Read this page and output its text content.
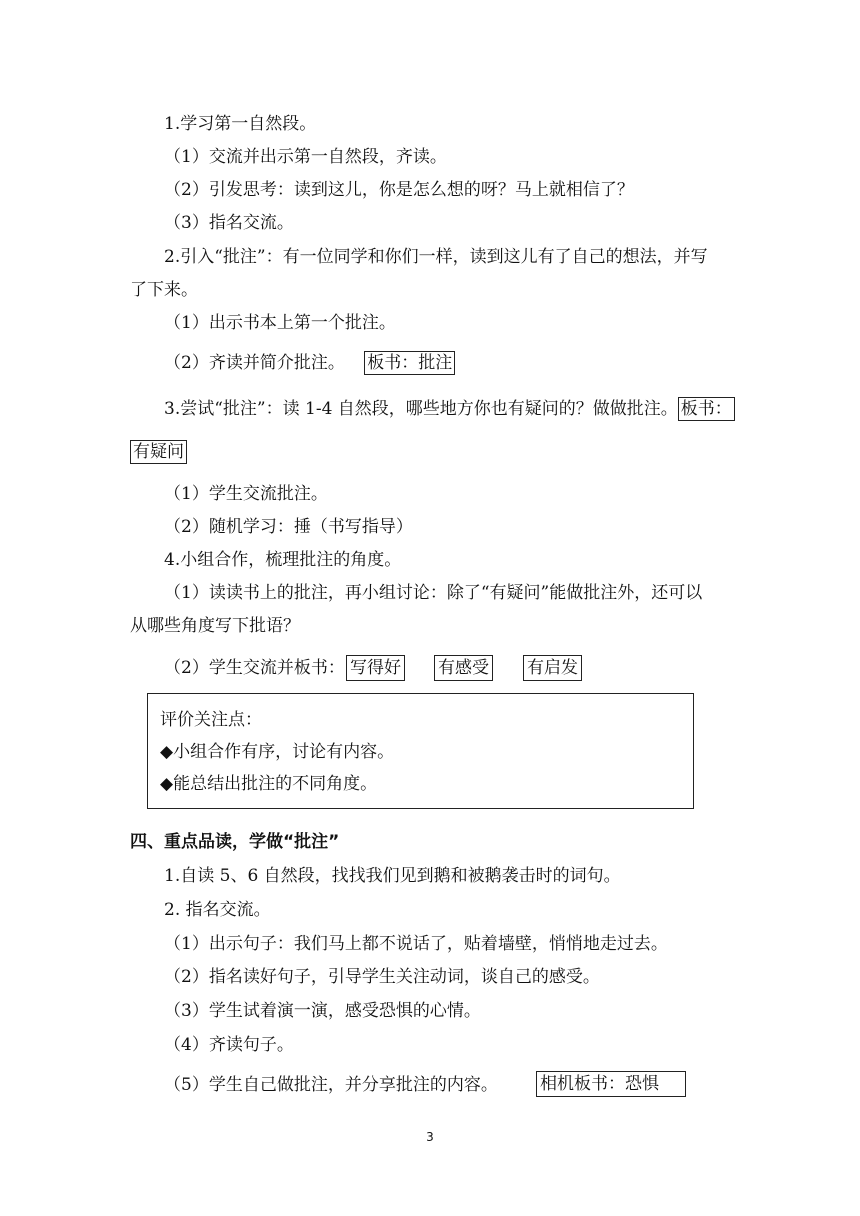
1.学习第一自然段。
（1）交流并出示第一自然段，齐读。
（2）引发思考：读到这儿，你是怎么想的呀？马上就相信了？
（3）指名交流。
2.引入“批注”：有一位同学和你们一样，读到这儿有了自己的想法，并写
了下来。
（1）出示书本上第一个批注。
（2）齐读并简介批注。 板书：批注
3.尝试“批注”：读 1-4 自然段，哪些地方你也有疑问的？做做批注。 板书：
有疑问
（1）学生交流批注。
（2）随机学习：捶（书写指导）
4.小组合作，梳理批注的角度。
（1）读读书上的批注，再小组讨论：除了“有疑问”能做批注外，还可以
从哪些角度写下批语？
（2）学生交流并板书： 写得好 有感受 有启发
评价关注点：
◆小组合作有序，讨论有内容。
◆能总结出批注的不同角度。
四、重点品读，学做“批注”
1.自读 5、6 自然段，找找我们见到鹅和被鹅袭击时的词句。
2. 指名交流。
（1）出示句子：我们马上都不说话了，贴着墙壁，悄悄地走过去。
（2）指名读好句子，引导学生关注动词，谈自己的感受。
（3）学生试着演一演，感受恐惧的心情。
（4）齐读句子。
（5）学生自己做批注，并分享批注的内容。 相机板书：恐惧
3
